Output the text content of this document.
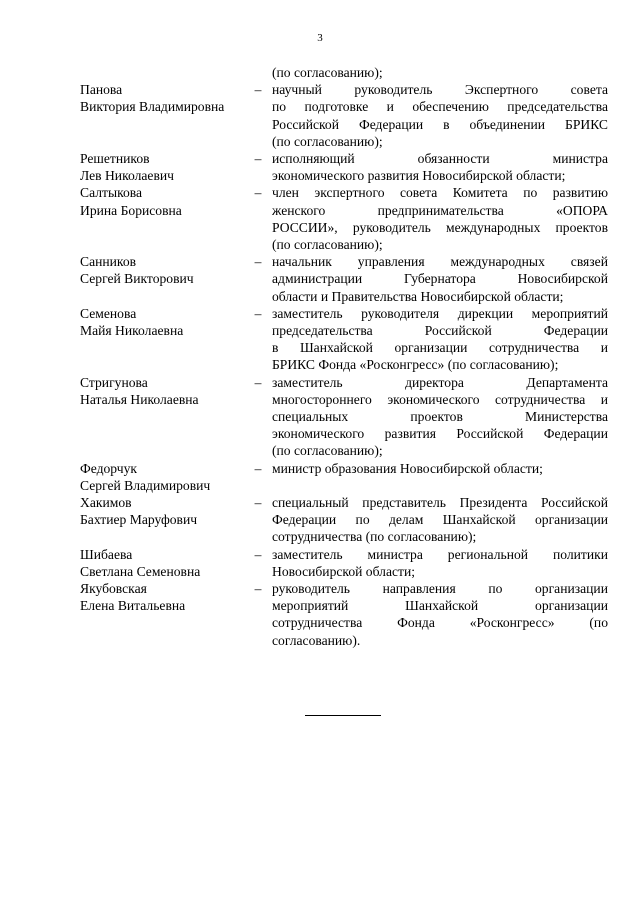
3
(по согласованию);
Панова
Виктория Владимировна
– научный руководитель Экспертного совета
по подготовке и обеспечению председательства
Российской Федерации в объединении БРИКС
(по согласованию);
Решетников
Лев Николаевич
– исполняющий обязанности министра
экономического развития Новосибирской области;
Салтыкова
Ирина Борисовна
– член экспертного совета Комитета по развитию
женского предпринимательства «ОПОРА
РОССИИ», руководитель международных проектов
(по согласованию);
Санников
Сергей Викторович
– начальник управления международных связей
администрации Губернатора Новосибирской
области и Правительства Новосибирской области;
Семенова
Майя Николаевна
– заместитель руководителя дирекции мероприятий
председательства Российской Федерации
в Шанхайской организации сотрудничества и
БРИКС Фонда «Росконгресс» (по согласованию);
Стригунова
Наталья Николаевна
– заместитель директора Департамента
многостороннего экономического сотрудничества и
специальных проектов Министерства
экономического развития Российской Федерации
(по согласованию);
Федорчук
Сергей Владимирович
– министр образования Новосибирской области;
Хакимов
Бахтиер Маруфович
– специальный представитель Президента Российской
Федерации по делам Шанхайской организации
сотрудничества (по согласованию);
Шибаева
Светлана Семеновна
– заместитель министра региональной политики
Новосибирской области;
Якубовская
Елена Витальевна
– руководитель направления по организации
мероприятий Шанхайской организации
сотрудничества Фонда «Росконгресс» (по
согласованию).
